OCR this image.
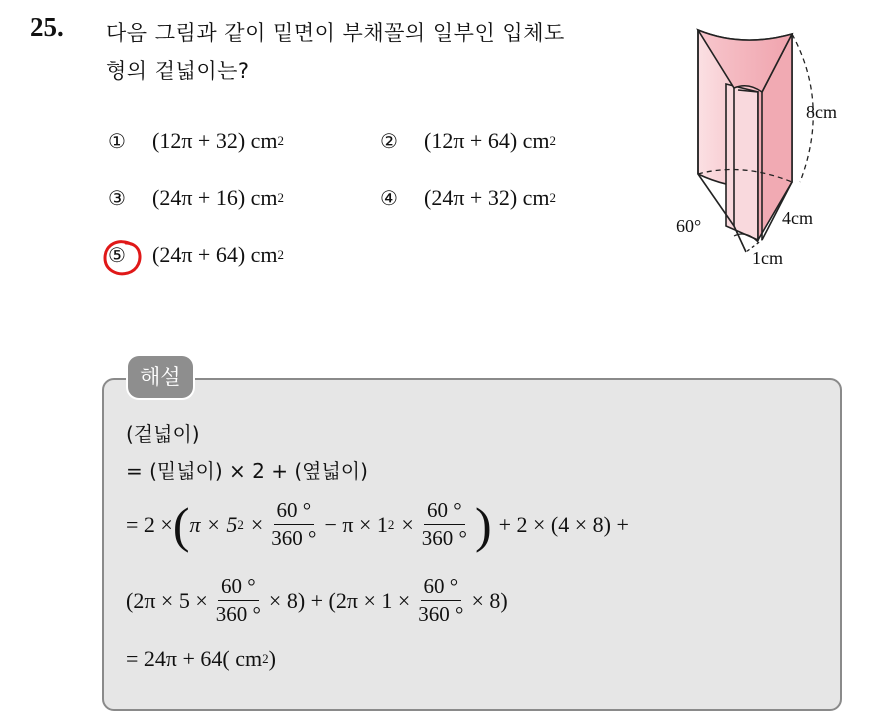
25. 다음 그림과 같이 밑면이 부채꼴의 일부인 입체도
형의 겉넓이는?
①	(12π + 32) cm 2	②	(12π + 64) cm 2
③	(24π + 16) cm 2	④	(24π + 32) cm 2
⑤	(24π + 64) cm 2
8cm
4cm
1cm
60°
해설
(겉넓이)
= (밑넓이) × 2 + (옆넓이)
= 2 × ( π × 5 $2 \times \frac{60 ^\circ}{360 ^\circ} - \pi \times 1$ $2 \times \frac{60 ^\circ}{360 ^\circ}$ ) + 2 × (4 × 8) +
$(2\pi \times 5 \times \frac{60 ^\circ}{360 ^\circ} \times 8) + (2\pi \times 1 \times \frac{60 ^\circ}{360 ^\circ} \times 8)$
= 24π + 64( cm 2 )
